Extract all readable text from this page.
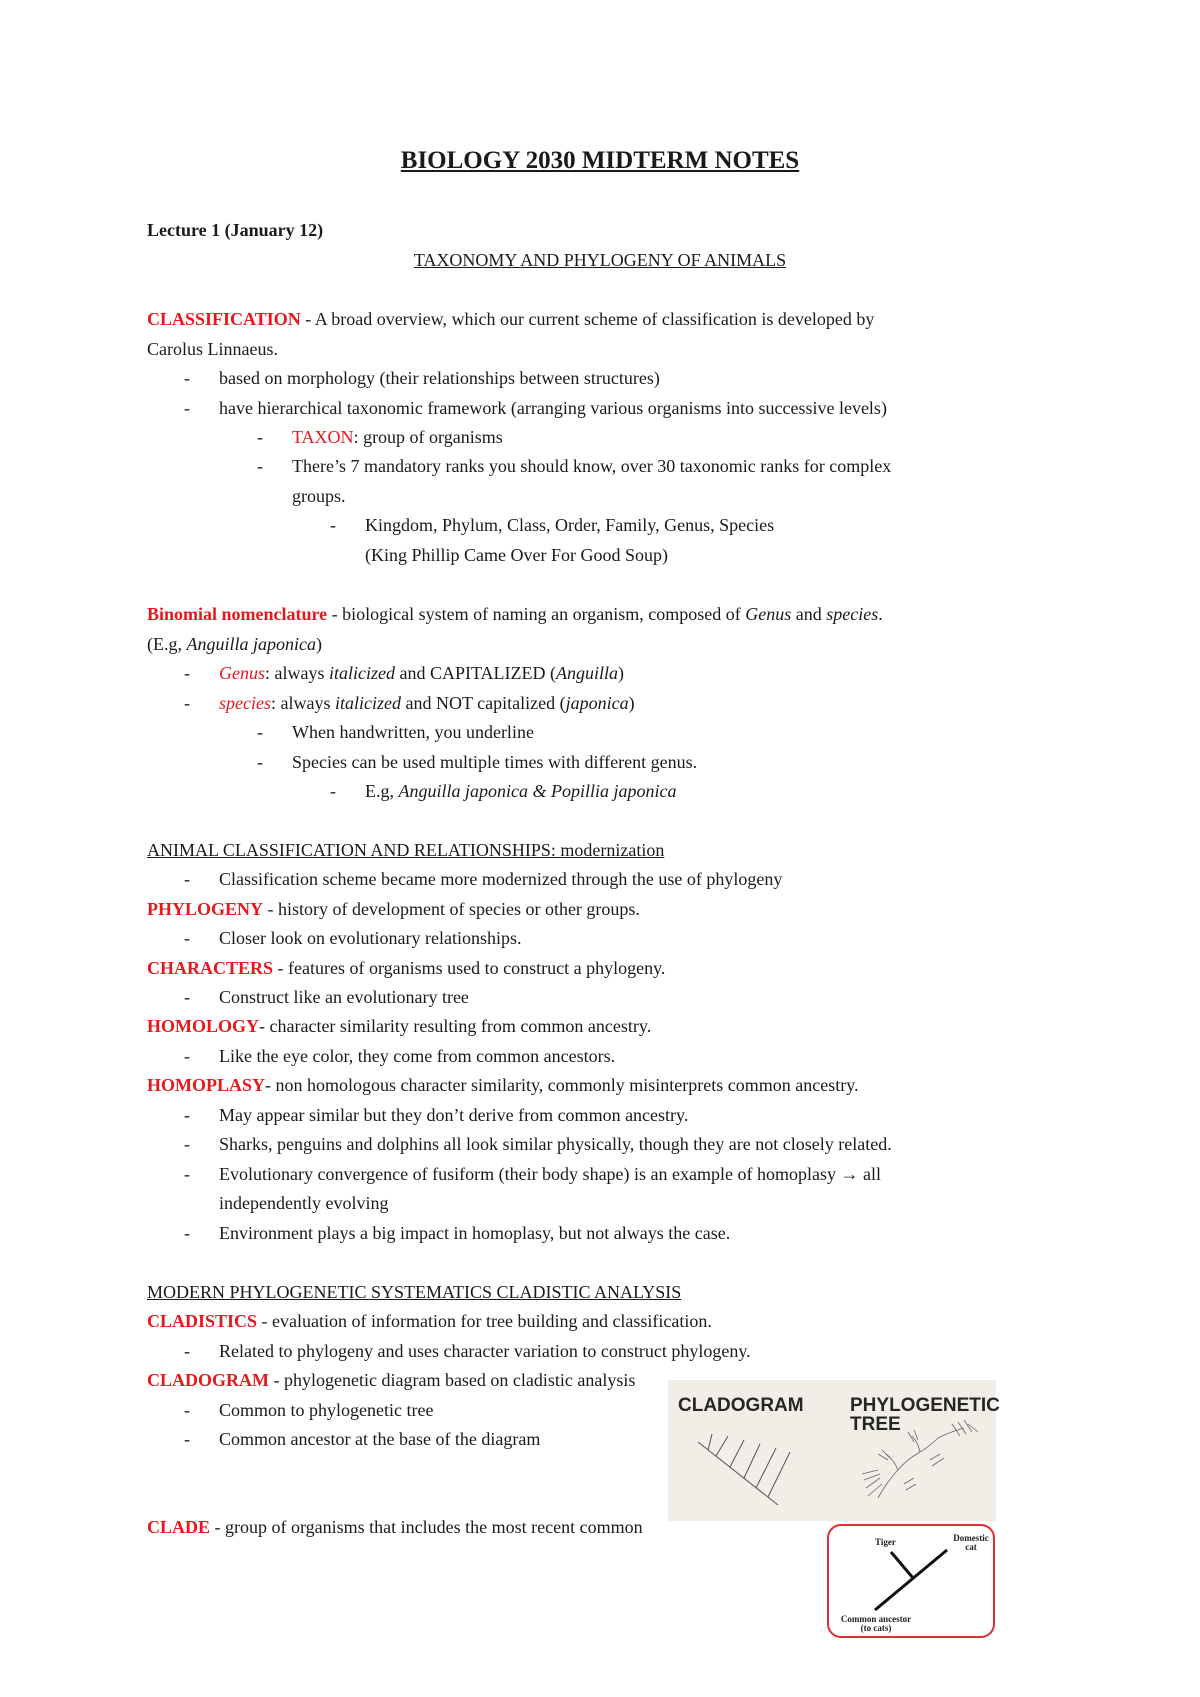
BIOLOGY 2030 MIDTERM NOTES
Lecture 1 (January 12)
TAXONOMY AND PHYLOGENY OF ANIMALS
CLASSIFICATION - A broad overview, which our current scheme of classification is developed by
Carolus Linnaeus.
- based on morphology (their relationships between structures)
- have hierarchical taxonomic framework (arranging various organisms into successive levels)
- TAXON: group of organisms
- There’s 7 mandatory ranks you should know, over 30 taxonomic ranks for complex
groups.
- Kingdom, Phylum, Class, Order, Family, Genus, Species
(King Phillip Came Over For Good Soup)
Binomial nomenclature - biological system of naming an organism, composed of Genus and species.
(E.g, Anguilla japonica)
- Genus: always italicized and CAPITALIZED (Anguilla)
- species: always italicized and NOT capitalized (japonica)
- When handwritten, you underline
- Species can be used multiple times with different genus.
- E.g, Anguilla japonica & Popillia japonica
ANIMAL CLASSIFICATION AND RELATIONSHIPS: modernization
- Classification scheme became more modernized through the use of phylogeny
PHYLOGENY - history of development of species or other groups.
- Closer look on evolutionary relationships.
CHARACTERS - features of organisms used to construct a phylogeny.
- Construct like an evolutionary tree
HOMOLOGY- character similarity resulting from common ancestry.
- Like the eye color, they come from common ancestors.
HOMOPLASY- non homologous character similarity, commonly misinterprets common ancestry.
- May appear similar but they don’t derive from common ancestry.
- Sharks, penguins and dolphins all look similar physically, though they are not closely related.
- Evolutionary convergence of fusiform (their body shape) is an example of homoplasy → all
independently evolving
- Environment plays a big impact in homoplasy, but not always the case.
MODERN PHYLOGENETIC SYSTEMATICS CLADISTIC ANALYSIS
CLADISTICS - evaluation of information for tree building and classification.
- Related to phylogeny and uses character variation to construct phylogeny.
CLADOGRAM - phylogenetic diagram based on cladistic analysis
- Common to phylogenetic tree
- Common ancestor at the base of the diagram
CLADE - group of organisms that includes the most recent common
CLADOGRAM PHYLOGENETIC
TREE
Tiger	Domestic
cat
Common ancestor
(to cats)
